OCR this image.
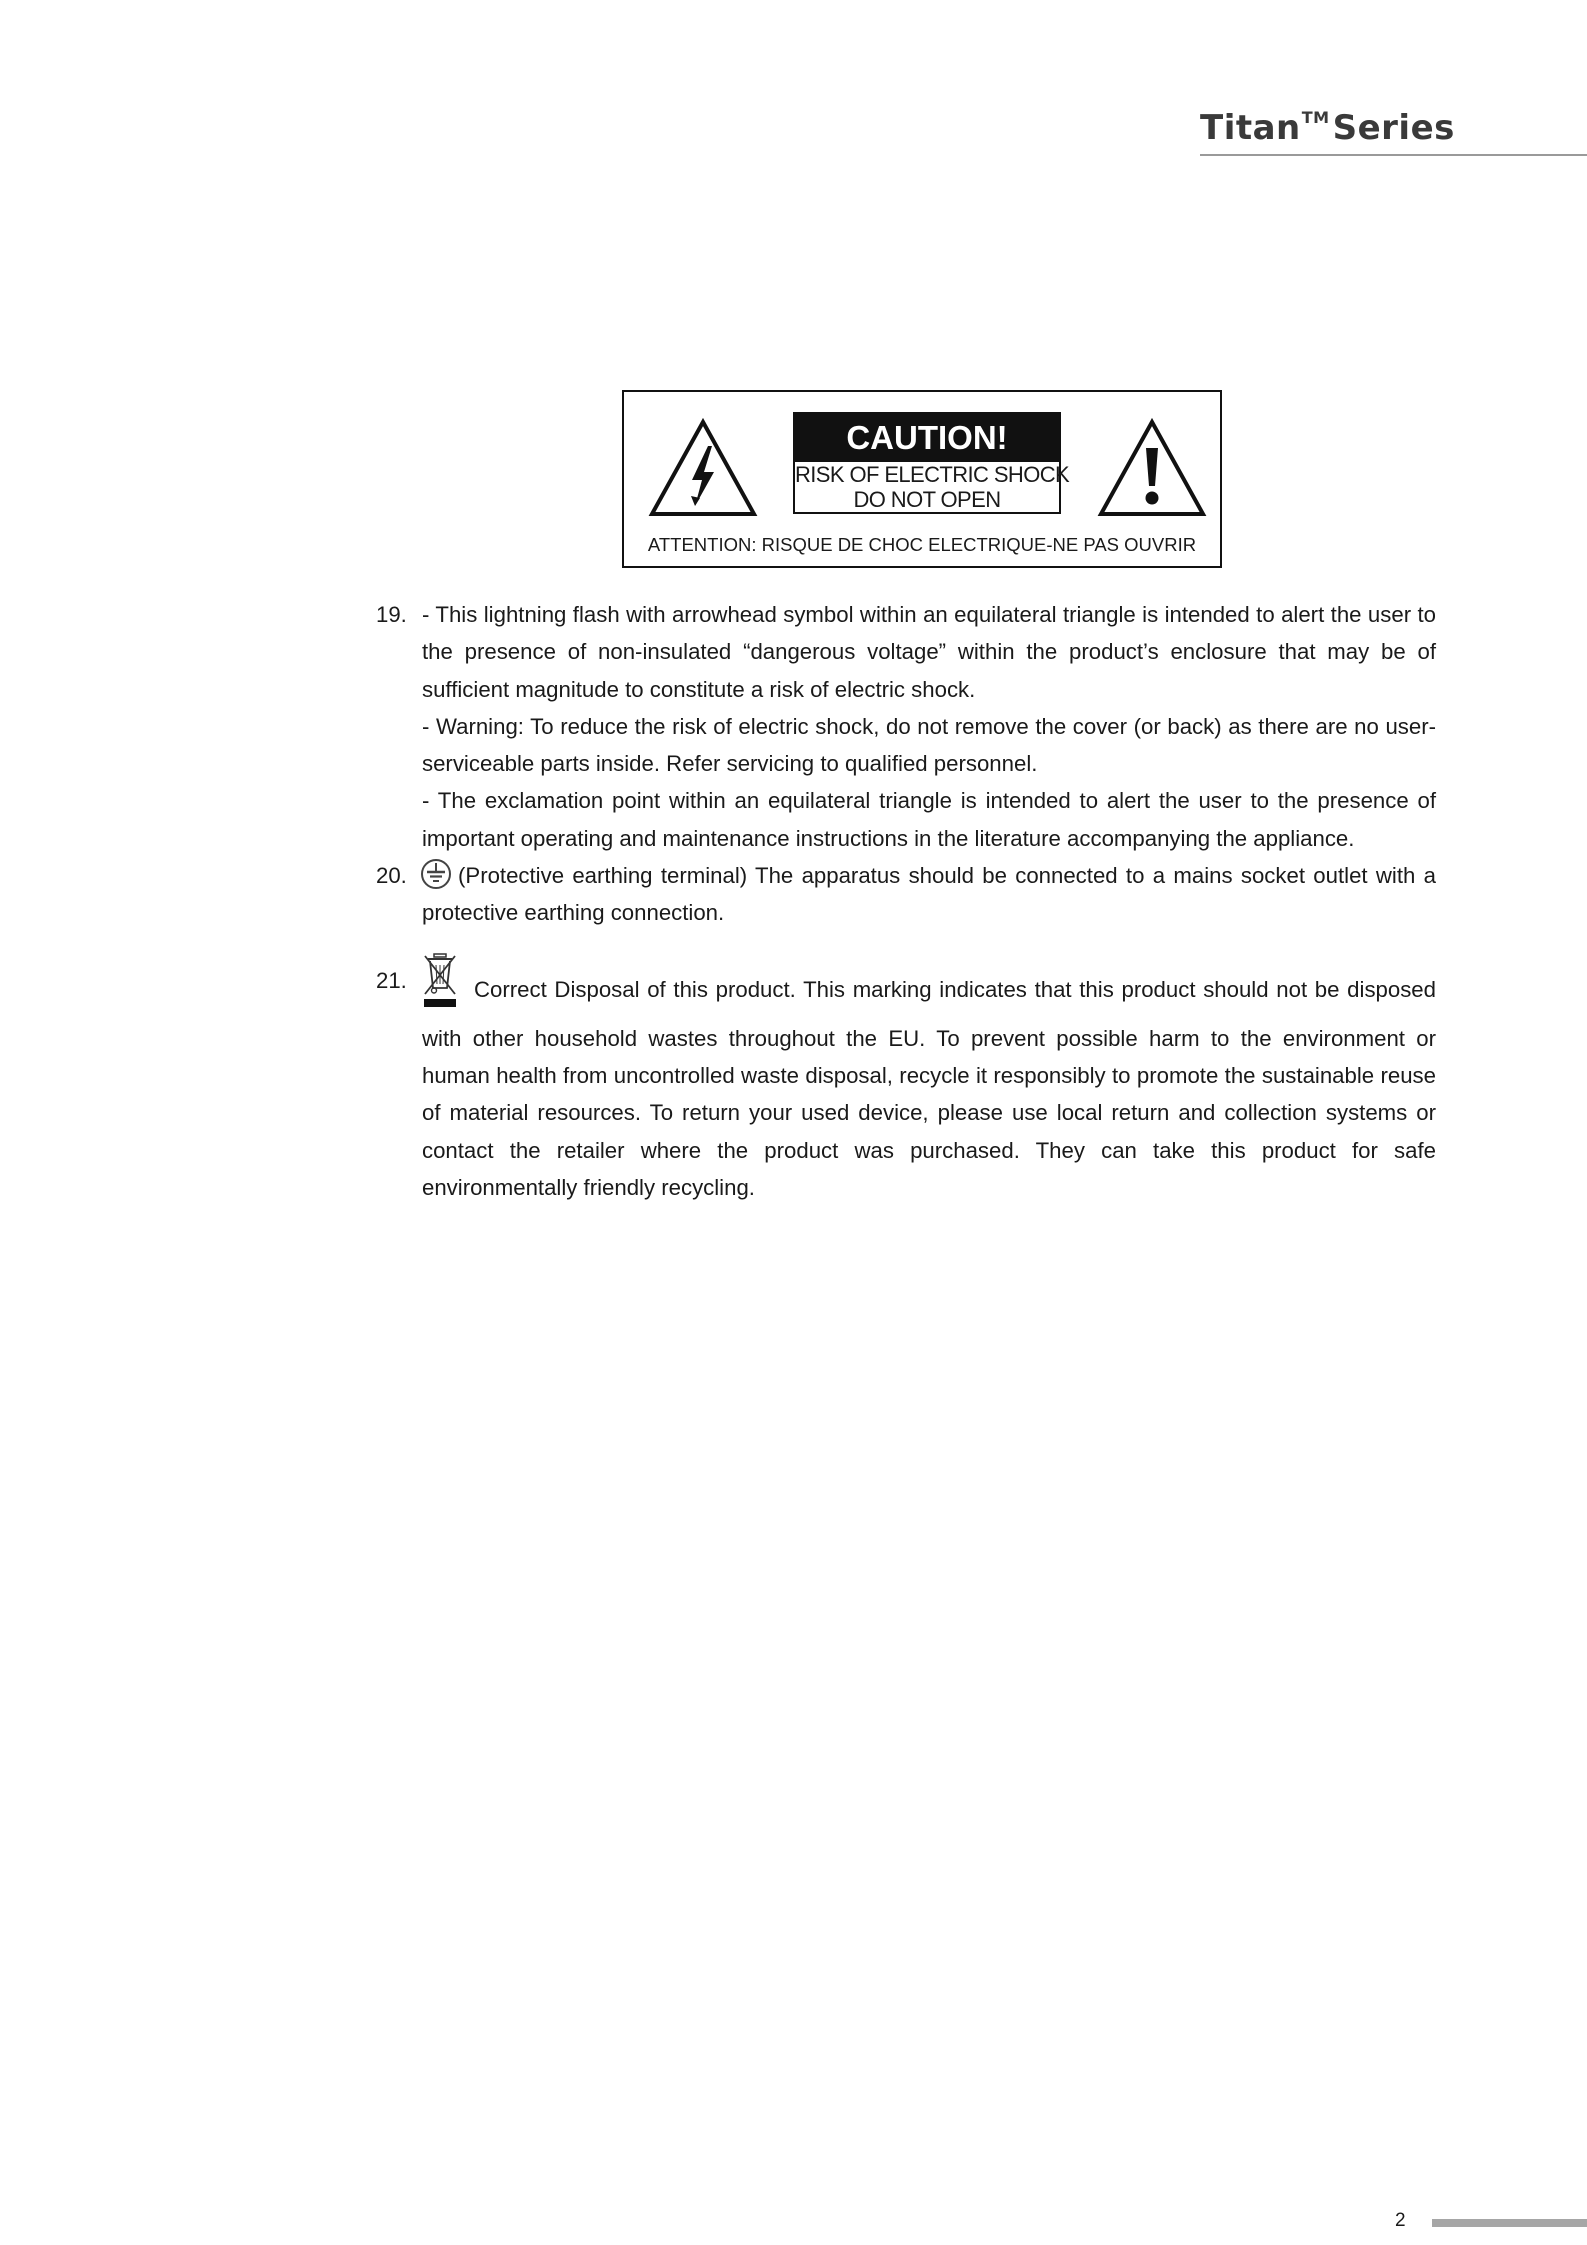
Titan™Series
CAUTION!
RISK OF ELECTRIC SHOCK
DO NOT OPEN
ATTENTION: RISQUE DE CHOC ELECTRIQUE-NE PAS OUVRIR
19. - This lightning flash with arrowhead symbol within an equilateral triangle is intended to alert the user to the presence of non-insulated “dangerous voltage” within the product’s enclosure that may be of sufficient magnitude to constitute a risk of electric shock.
- Warning: To reduce the risk of electric shock, do not remove the cover (or back) as there are no user-serviceable parts inside. Refer servicing to qualified personnel.
- The exclamation point within an equilateral triangle is intended to alert the user to the presence of important operating and maintenance instructions in the literature accompanying the appliance.
20.	(Protective earthing terminal) The apparatus should be connected to a mains socket outlet with a protective earthing connection.
21.	Correct Disposal of this product. This marking indicates that this product should not be disposed with other household wastes throughout the EU. To prevent possible harm to the environment or human health from uncontrolled waste disposal, recycle it responsibly to promote the sustainable reuse of material resources. To return your used device, please use local return and collection systems or contact the retailer where the product was purchased. They can take this product for safe environmentally friendly recycling.
2
